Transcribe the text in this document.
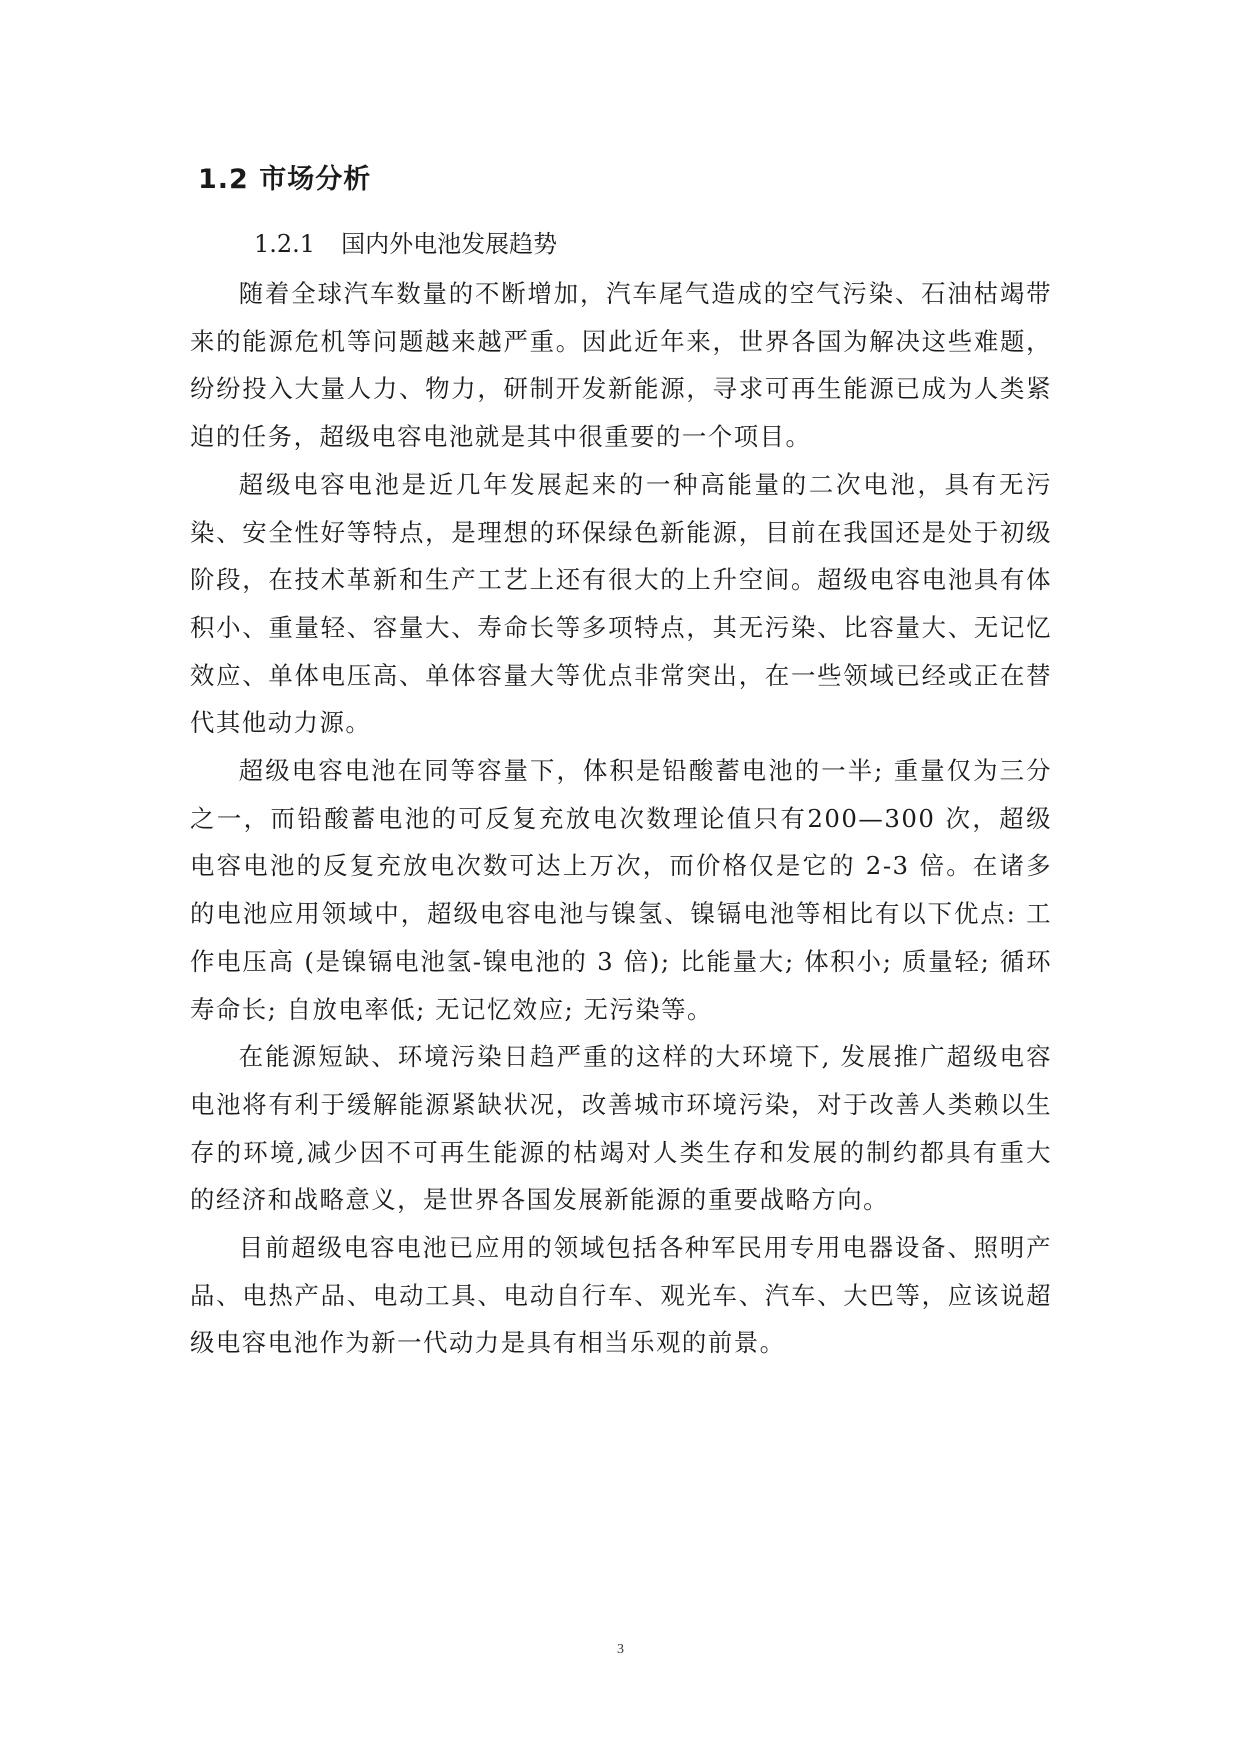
1.2 市场分析
1.2.1 国内外电池发展趋势

随着全球汽车数量的不断增加，汽车尾气造成的空气污染、石油枯竭带来的能源危机等问题越来越严重。因此近年来，世界各国为解决这些难题，纷纷投入大量人力、物力，研制开发新能源，寻求可再生能源已成为人类紧迫的任务，超级电容电池就是其中很重要的一个项目。

超级电容电池是近几年发展起来的一种高能量的二次电池，具有无污染、安全性好等特点，是理想的环保绿色新能源，目前在我国还是处于初级阶段，在技术革新和生产工艺上还有很大的上升空间。超级电容电池具有体积小、重量轻、容量大、寿命长等多项特点，其无污染、比容量大、无记忆效应、单体电压高、单体容量大等优点非常突出，在一些领域已经或正在替代其他动力源。

超级电容电池在同等容量下，体积是铅酸蓄电池的一半; 重量仅为三分之一，而铅酸蓄电池的可反复充放电次数理论值只有200—300 次，超级电容电池的反复充放电次数可达上万次，而价格仅是它的 2-3 倍。在诸多的电池应用领域中，超级电容电池与镍氢、镍镉电池等相比有以下优点: 工作电压高 (是镍镉电池氢-镍电池的 3 倍); 比能量大; 体积小; 质量轻; 循环寿命长; 自放电率低; 无记忆效应; 无污染等。

在能源短缺、环境污染日趋严重的这样的大环境下, 发展推广超级电容电池将有利于缓解能源紧缺状况，改善城市环境污染，对于改善人类赖以生存的环境,减少因不可再生能源的枯竭对人类生存和发展的制约都具有重大的经济和战略意义，是世界各国发展新能源的重要战略方向。

目前超级电容电池已应用的领域包括各种军民用专用电器设备、照明产品、电热产品、电动工具、电动自行车、观光车、汽车、大巴等，应该说超级电容电池作为新一代动力是具有相当乐观的前景。

3
